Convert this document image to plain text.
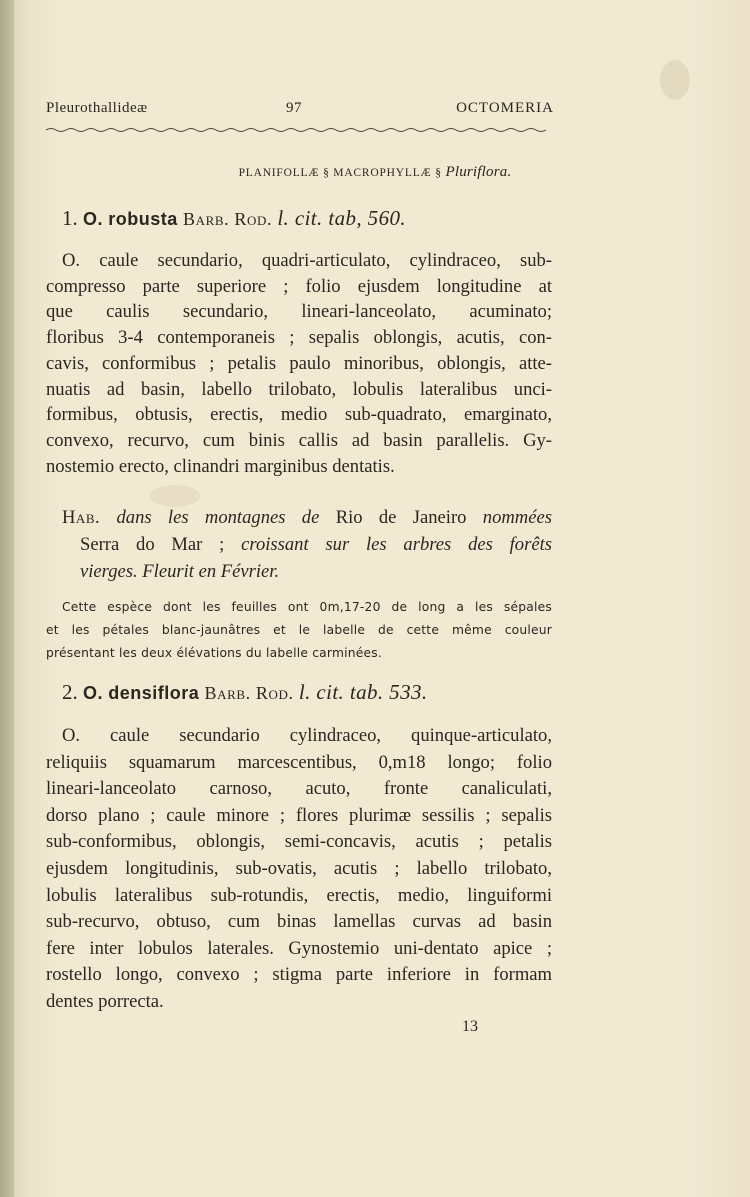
Pleurothallideæ	97	OCTOMERIA
PLANIFOLLÆ § MACROPHYLLÆ § Pluriflora.
1. O. robusta Barb. Rod. l. cit. tab, 560.
O. caule secundario, quadri-articulato, cylindraceo, sub-
compresso parte superiore ; folio ejusdem longitudine at
que caulis secundario, lineari-lanceolato, acuminato;
floribus 3-4 contemporaneis ; sepalis oblongis, acutis, con-
cavis, conformibus ; petalis paulo minoribus, oblongis, atte-
nuatis ad basin, labello trilobato, lobulis lateralibus unci-
formibus, obtusis, erectis, medio sub-quadrato, emarginato,
convexo, recurvo, cum binis callis ad basin parallelis. Gy-
nostemio erecto, clinandri marginibus dentatis.
Hab. dans les montagnes de Rio de Janeiro nommées
Serra do Mar ; croissant sur les arbres des forêts
vierges. Fleurit en Février.
Cette espèce dont les feuilles ont 0m,17-20 de long a les sépales
et les pétales blanc-jaunâtres et le labelle de cette même couleur
présentant les deux élévations du labelle carminées.
2. O. densiflora Barb. Rod. l. cit. tab. 533.
O. caule secundario cylindraceo, quinque-articulato,
reliquiis squamarum marcescentibus, 0,m18 longo; folio
lineari-lanceolato carnoso, acuto, fronte canaliculati,
dorso plano ; caule minore ; flores plurimæ sessilis ; sepalis
sub-conformibus, oblongis, semi-concavis, acutis ; petalis
ejusdem longitudinis, sub-ovatis, acutis ; labello trilobato,
lobulis lateralibus sub-rotundis, erectis, medio, linguiformi
sub-recurvo, obtuso, cum binas lamellas curvas ad basin
fere inter lobulos laterales. Gynostemio uni-dentato apice ;
rostello longo, convexo ; stigma parte inferiore in formam
dentes porrecta.
13
